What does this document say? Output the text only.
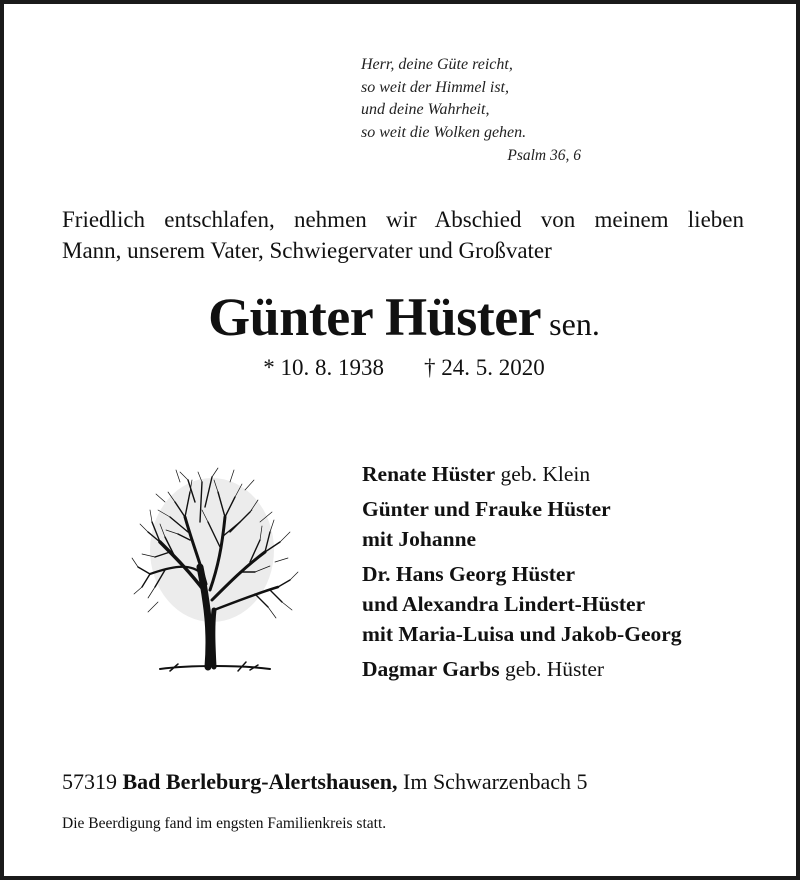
Herr, deine Güte reicht,
so weit der Himmel ist,
und deine Wahrheit,
so weit die Wolken gehen.
Psalm 36, 6
Friedlich entschlafen, nehmen wir Abschied von meinem lieben
Mann, unserem Vater, Schwiegervater und Großvater
Günter Hüster sen.
* 10. 8. 1938 † 24. 5. 2020
Renate Hüster geb. Klein
Günter und Frauke Hüster
mit Johanne
Dr. Hans Georg Hüster
und Alexandra Lindert-Hüster
mit Maria-Luisa und Jakob-Georg
Dagmar Garbs geb. Hüster
57319 Bad Berleburg-Alertshausen, Im Schwarzenbach 5
Die Beerdigung fand im engsten Familienkreis statt.
